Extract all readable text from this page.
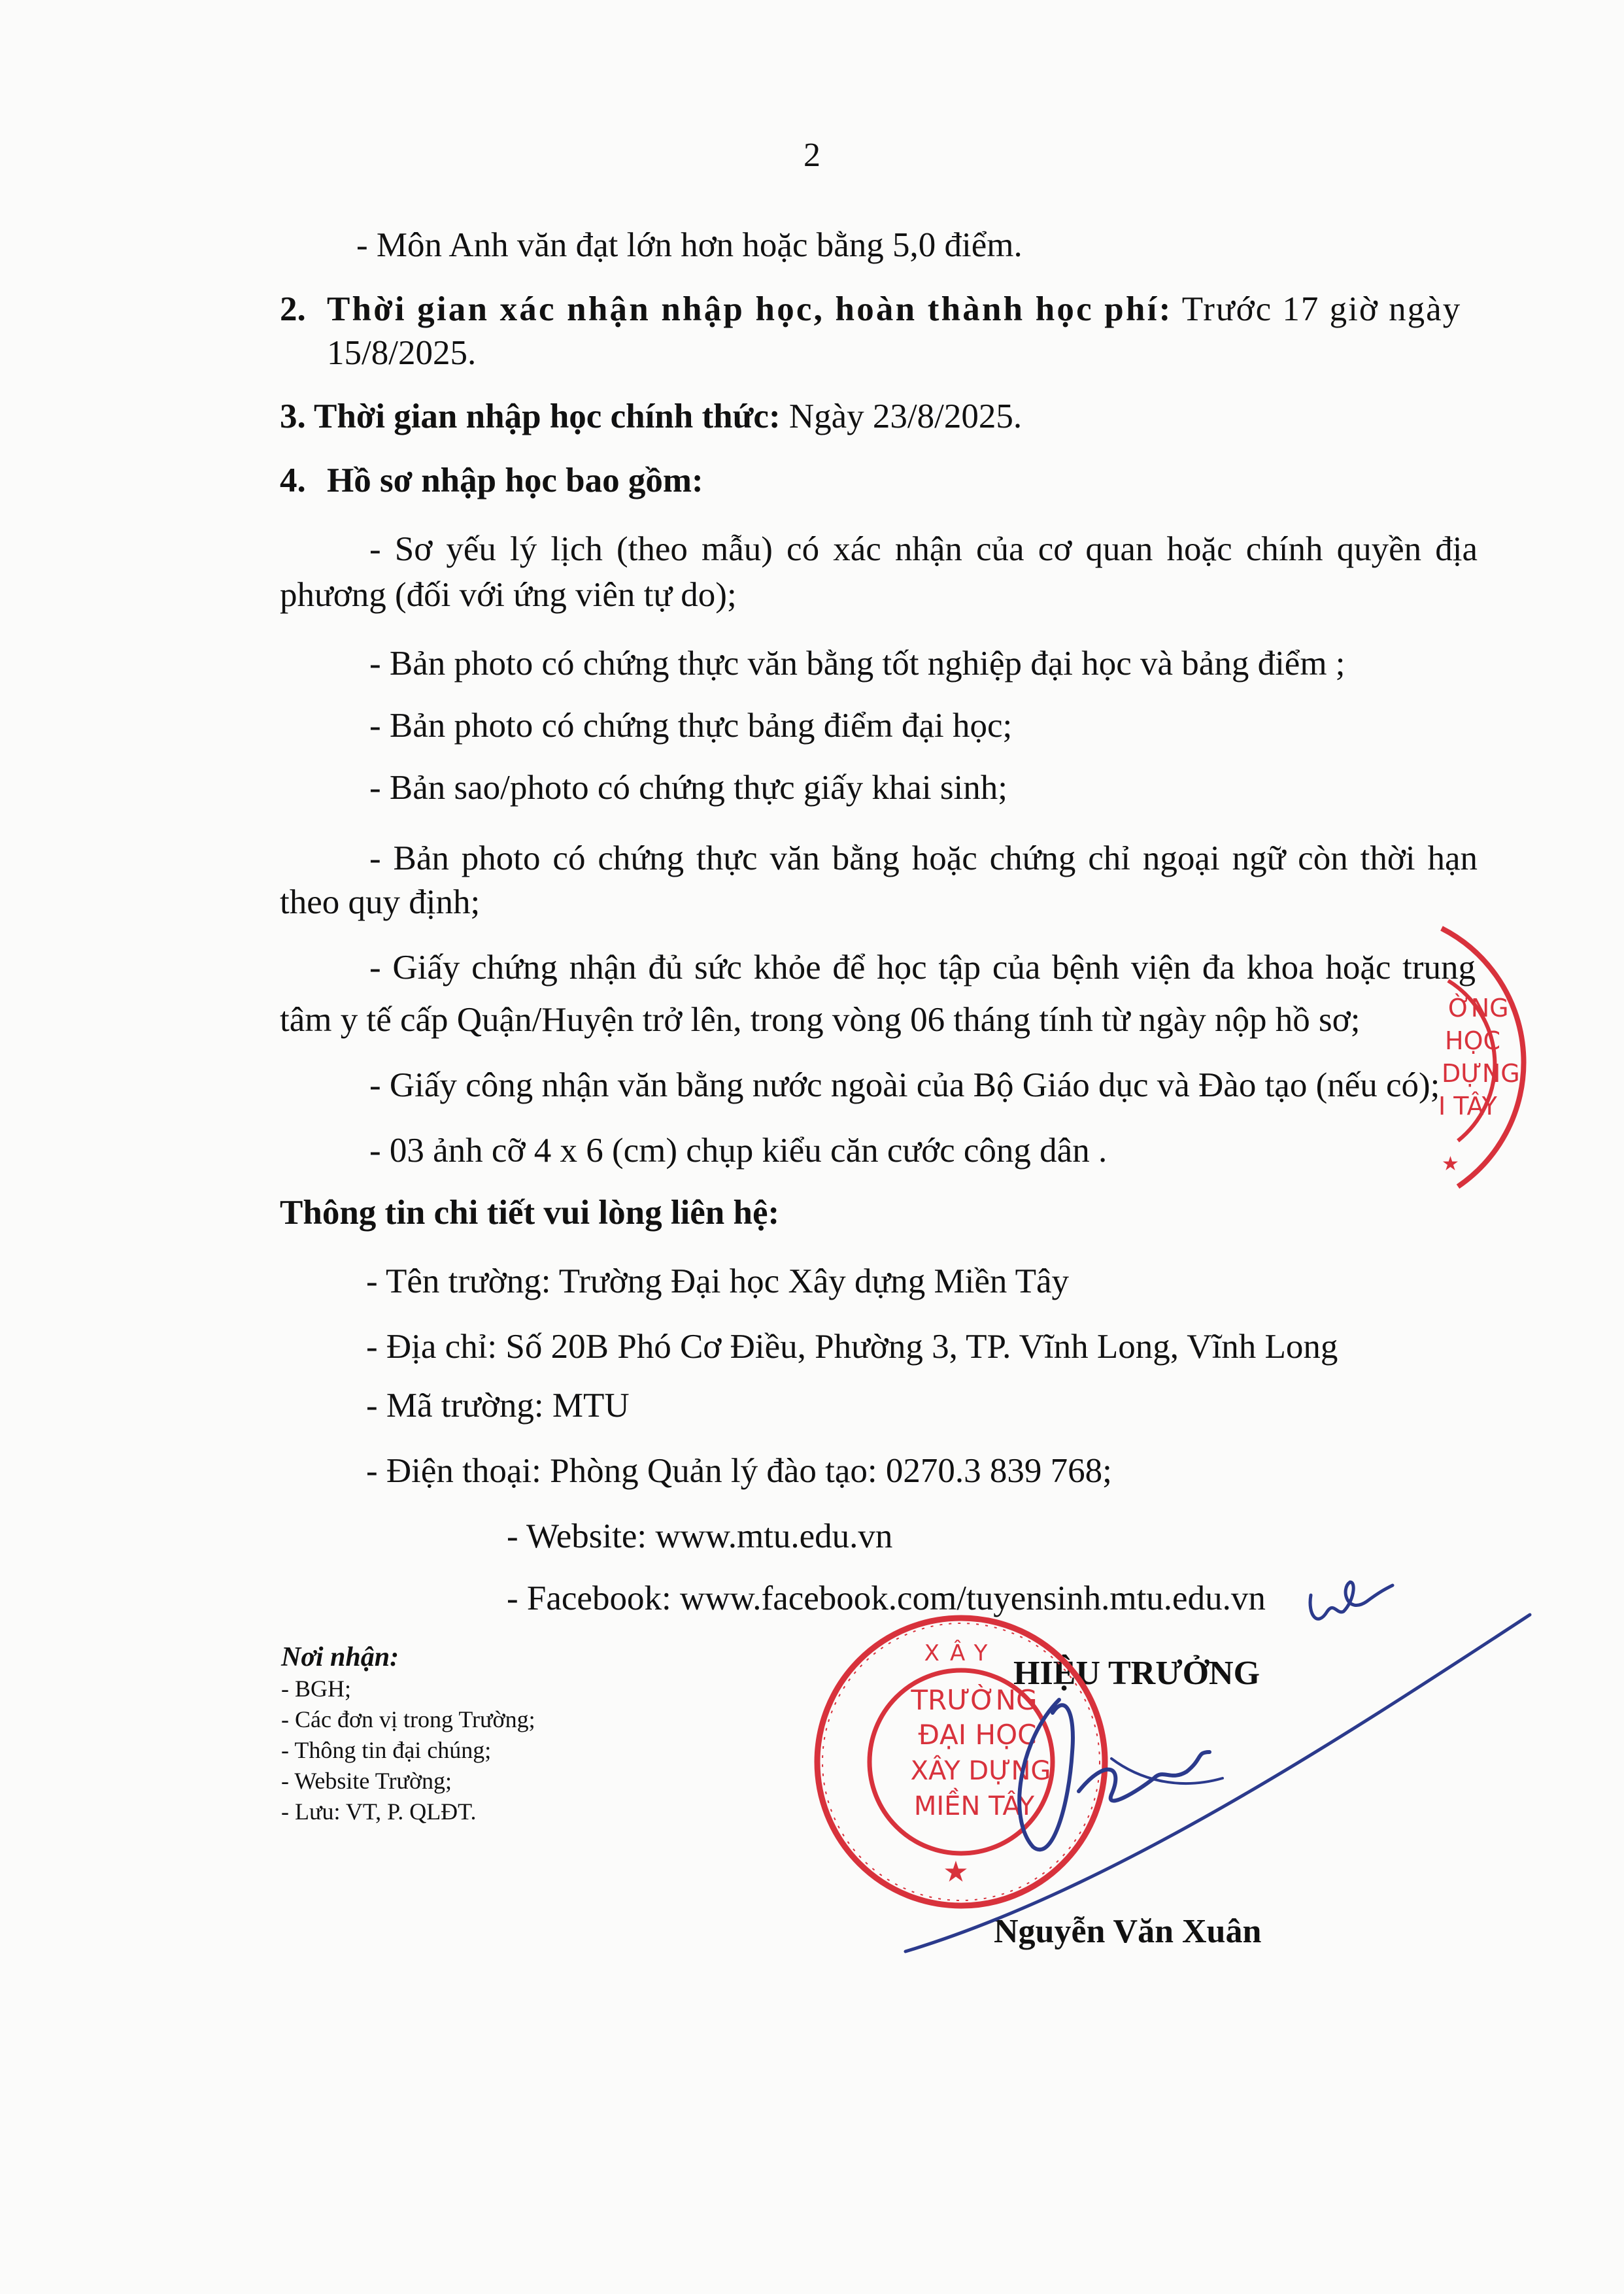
2
- Môn Anh văn đạt lớn hơn hoặc bằng 5,0 điểm.
2. Thời gian xác nhận nhập học, hoàn thành học phí: Trước 17 giờ ngày
15/8/2025.
3. Thời gian nhập học chính thức: Ngày 23/8/2025.
4. Hồ sơ nhập học bao gồm:
- Sơ yếu lý lịch (theo mẫu) có xác nhận của cơ quan hoặc chính quyền địa
phương (đối với ứng viên tự do);
- Bản photo có chứng thực văn bằng tốt nghiệp đại học và bảng điểm ;
- Bản photo có chứng thực bảng điểm đại học;
- Bản sao/photo có chứng thực giấy khai sinh;
- Bản photo có chứng thực văn bằng hoặc chứng chỉ ngoại ngữ còn thời hạn
theo quy định;
- Giấy chứng nhận đủ sức khỏe để học tập của bệnh viện đa khoa hoặc trung
tâm y tế cấp Quận/Huyện trở lên, trong vòng 06 tháng tính từ ngày nộp hồ sơ;
- Giấy công nhận văn bằng nước ngoài của Bộ Giáo dục và Đào tạo (nếu có);
- 03 ảnh cỡ 4 x 6 (cm) chụp kiểu căn cước công dân .
Thông tin chi tiết vui lòng liên hệ:
- Tên trường: Trường Đại học Xây dựng Miền Tây
- Địa chỉ: Số 20B Phó Cơ Điều, Phường 3, TP. Vĩnh Long, Vĩnh Long
- Mã trường: MTU
- Điện thoại: Phòng Quản lý đào tạo: 0270.3 839 768;
- Website: www.mtu.edu.vn
- Facebook: www.facebook.com/tuyensinh.mtu.edu.vn
Nơi nhận:
- BGH;
- Các đơn vị trong Trường;
- Thông tin đại chúng;
- Website Trường;
- Lưu: VT, P. QLĐT.
HIỆU TRƯỞNG
Nguyễn Văn Xuân
XÂY
TRƯỜNG
ĐẠI HỌC
XÂY DỰNG
MIỀN TÂY
★
ỜNG
HỌC
DỰNG
I TÂY
★
